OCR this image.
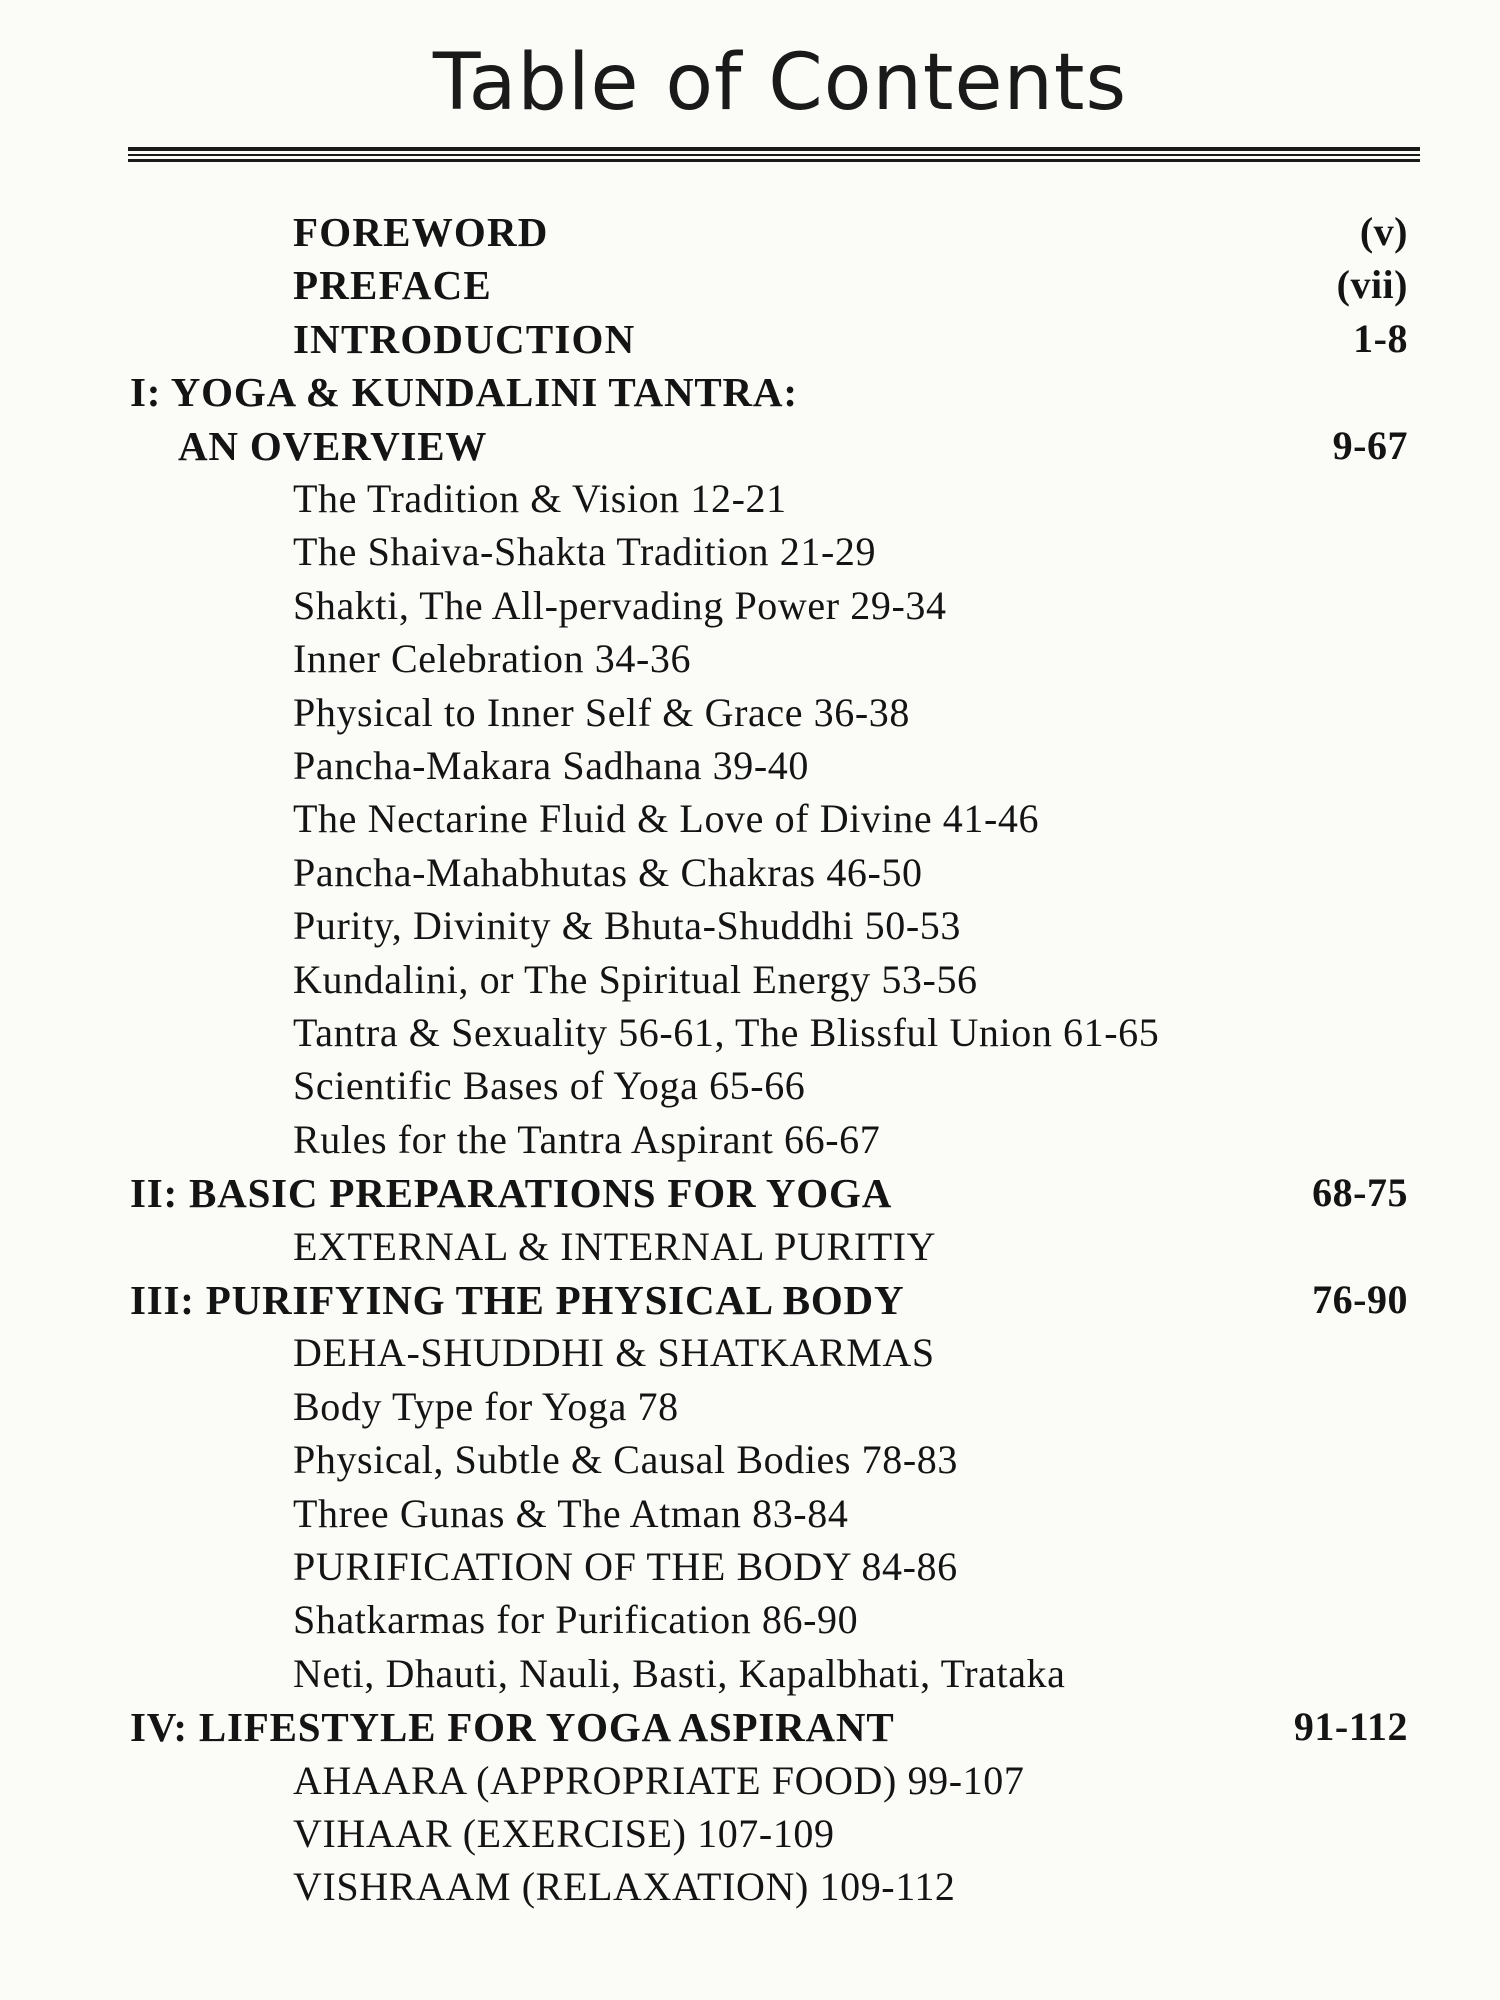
Table of Contents
FOREWORD	(v)
PREFACE	(vii)
INTRODUCTION	1-8
I: YOGA & KUNDALINI TANTRA:
AN OVERVIEW	9-67
The Tradition & Vision 12-21
The Shaiva-Shakta Tradition 21-29
Shakti, The All-pervading Power 29-34
Inner Celebration 34-36
Physical to Inner Self & Grace 36-38
Pancha-Makara Sadhana 39-40
The Nectarine Fluid & Love of Divine 41-46
Pancha-Mahabhutas & Chakras 46-50
Purity, Divinity & Bhuta-Shuddhi 50-53
Kundalini, or The Spiritual Energy 53-56
Tantra & Sexuality 56-61, The Blissful Union 61-65
Scientific Bases of Yoga 65-66
Rules for the Tantra Aspirant 66-67
II: BASIC PREPARATIONS FOR YOGA	68-75
EXTERNAL & INTERNAL PURITIY
III: PURIFYING THE PHYSICAL BODY	76-90
DEHA-SHUDDHI & SHATKARMAS
Body Type for Yoga 78
Physical, Subtle & Causal Bodies 78-83
Three Gunas & The Atman 83-84
PURIFICATION OF THE BODY 84-86
Shatkarmas for Purification 86-90
Neti, Dhauti, Nauli, Basti, Kapalbhati, Trataka
IV: LIFESTYLE FOR YOGA ASPIRANT	91-112
AHAARA (APPROPRIATE FOOD) 99-107
VIHAAR (EXERCISE) 107-109
VISHRAAM (RELAXATION) 109-112
